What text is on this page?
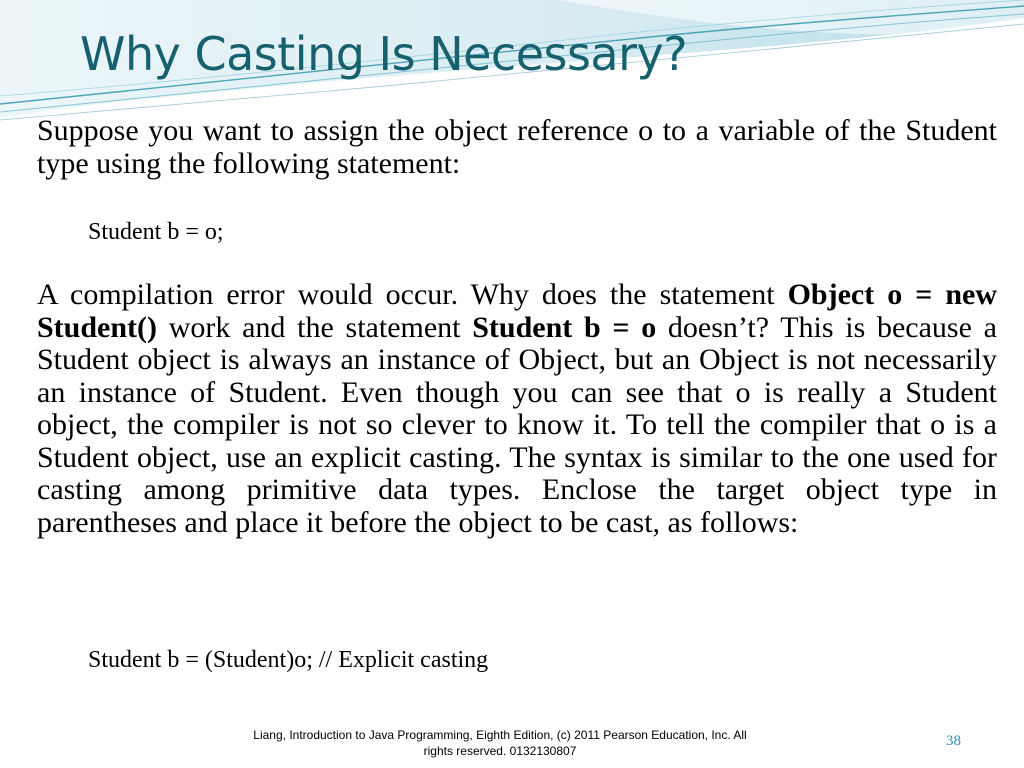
Why Casting Is Necessary?

Suppose you want to assign the object reference o to a variable of the Student type using the following statement:

Student b = o;

A compilation error would occur. Why does the statement Object o = new Student() work and the statement Student b = o doesn’t? This is because a Student object is always an instance of Object, but an Object is not necessarily an instance of Student. Even though you can see that o is really a Student object, the compiler is not so clever to know it. To tell the compiler that o is a Student object, use an explicit casting. The syntax is similar to the one used for casting among primitive data types. Enclose the target object type in parentheses and place it before the object to be cast, as follows:

Student b = (Student)o; // Explicit casting

Liang, Introduction to Java Programming, Eighth Edition, (c) 2011 Pearson Education, Inc. All
rights reserved. 0132130807
38
